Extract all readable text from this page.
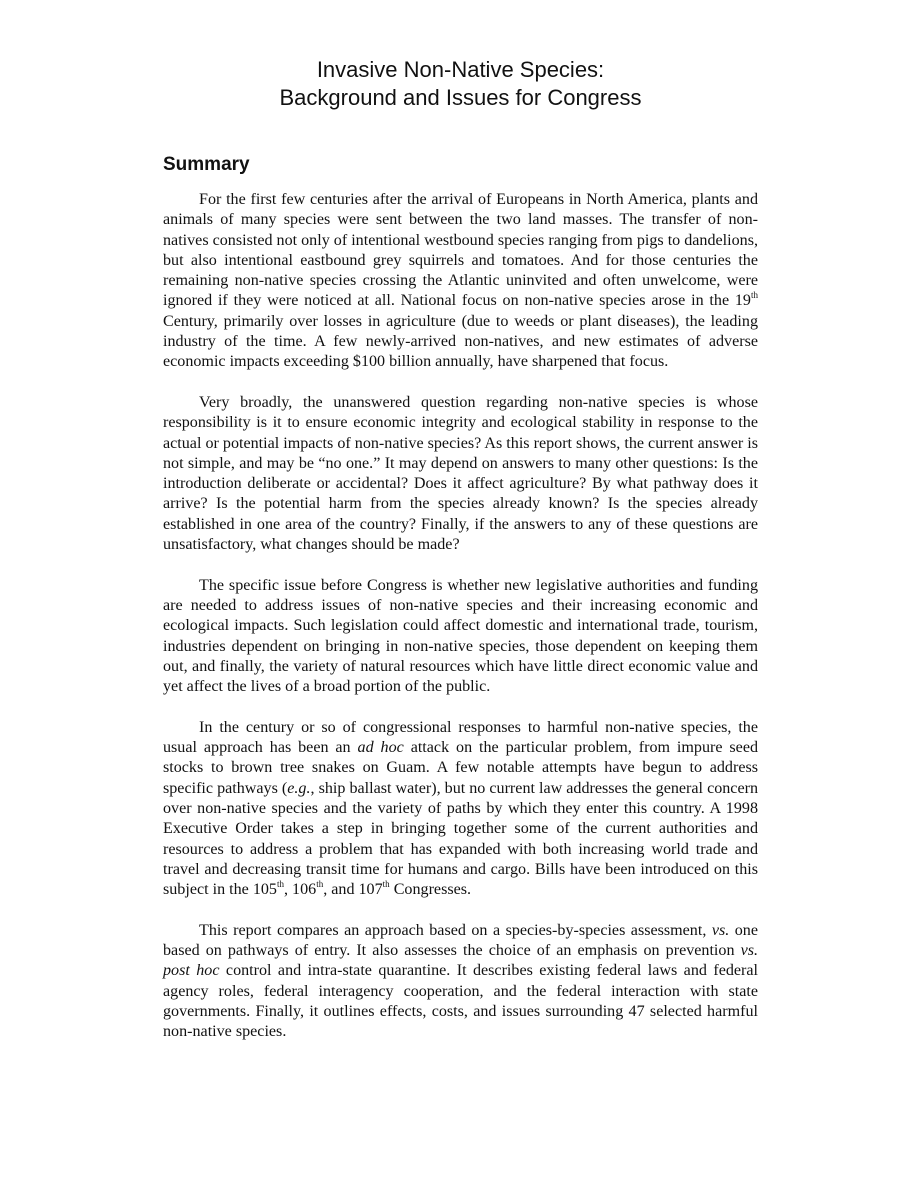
Invasive Non-Native Species:
Background and Issues for Congress
Summary

For the first few centuries after the arrival of Europeans in North America, plants and animals of many species were sent between the two land masses. The transfer of non-natives consisted not only of intentional westbound species ranging from pigs to dandelions, but also intentional eastbound grey squirrels and tomatoes. And for those centuries the remaining non-native species crossing the Atlantic uninvited and often unwelcome, were ignored if they were noticed at all. National focus on non-native species arose in the 19th Century, primarily over losses in agriculture (due to weeds or plant diseases), the leading industry of the time. A few newly-arrived non-natives, and new estimates of adverse economic impacts exceeding $100 billion annually, have sharpened that focus.

Very broadly, the unanswered question regarding non-native species is whose responsibility is it to ensure economic integrity and ecological stability in response to the actual or potential impacts of non-native species? As this report shows, the current answer is not simple, and may be “no one.” It may depend on answers to many other questions: Is the introduction deliberate or accidental? Does it affect agriculture? By what pathway does it arrive? Is the potential harm from the species already known? Is the species already established in one area of the country? Finally, if the answers to any of these questions are unsatisfactory, what changes should be made?

The specific issue before Congress is whether new legislative authorities and funding are needed to address issues of non-native species and their increasing economic and ecological impacts. Such legislation could affect domestic and international trade, tourism, industries dependent on bringing in non-native species, those dependent on keeping them out, and finally, the variety of natural resources which have little direct economic value and yet affect the lives of a broad portion of the public.

In the century or so of congressional responses to harmful non-native species, the usual approach has been an ad hoc attack on the particular problem, from impure seed stocks to brown tree snakes on Guam. A few notable attempts have begun to address specific pathways (e.g., ship ballast water), but no current law addresses the general concern over non-native species and the variety of paths by which they enter this country. A 1998 Executive Order takes a step in bringing together some of the current authorities and resources to address a problem that has expanded with both increasing world trade and travel and decreasing transit time for humans and cargo. Bills have been introduced on this subject in the 105th, 106th, and 107th Congresses.

This report compares an approach based on a species-by-species assessment, vs. one based on pathways of entry. It also assesses the choice of an emphasis on prevention vs. post hoc control and intra-state quarantine. It describes existing federal laws and federal agency roles, federal interagency cooperation, and the federal interaction with state governments. Finally, it outlines effects, costs, and issues surrounding 47 selected harmful non-native species.
